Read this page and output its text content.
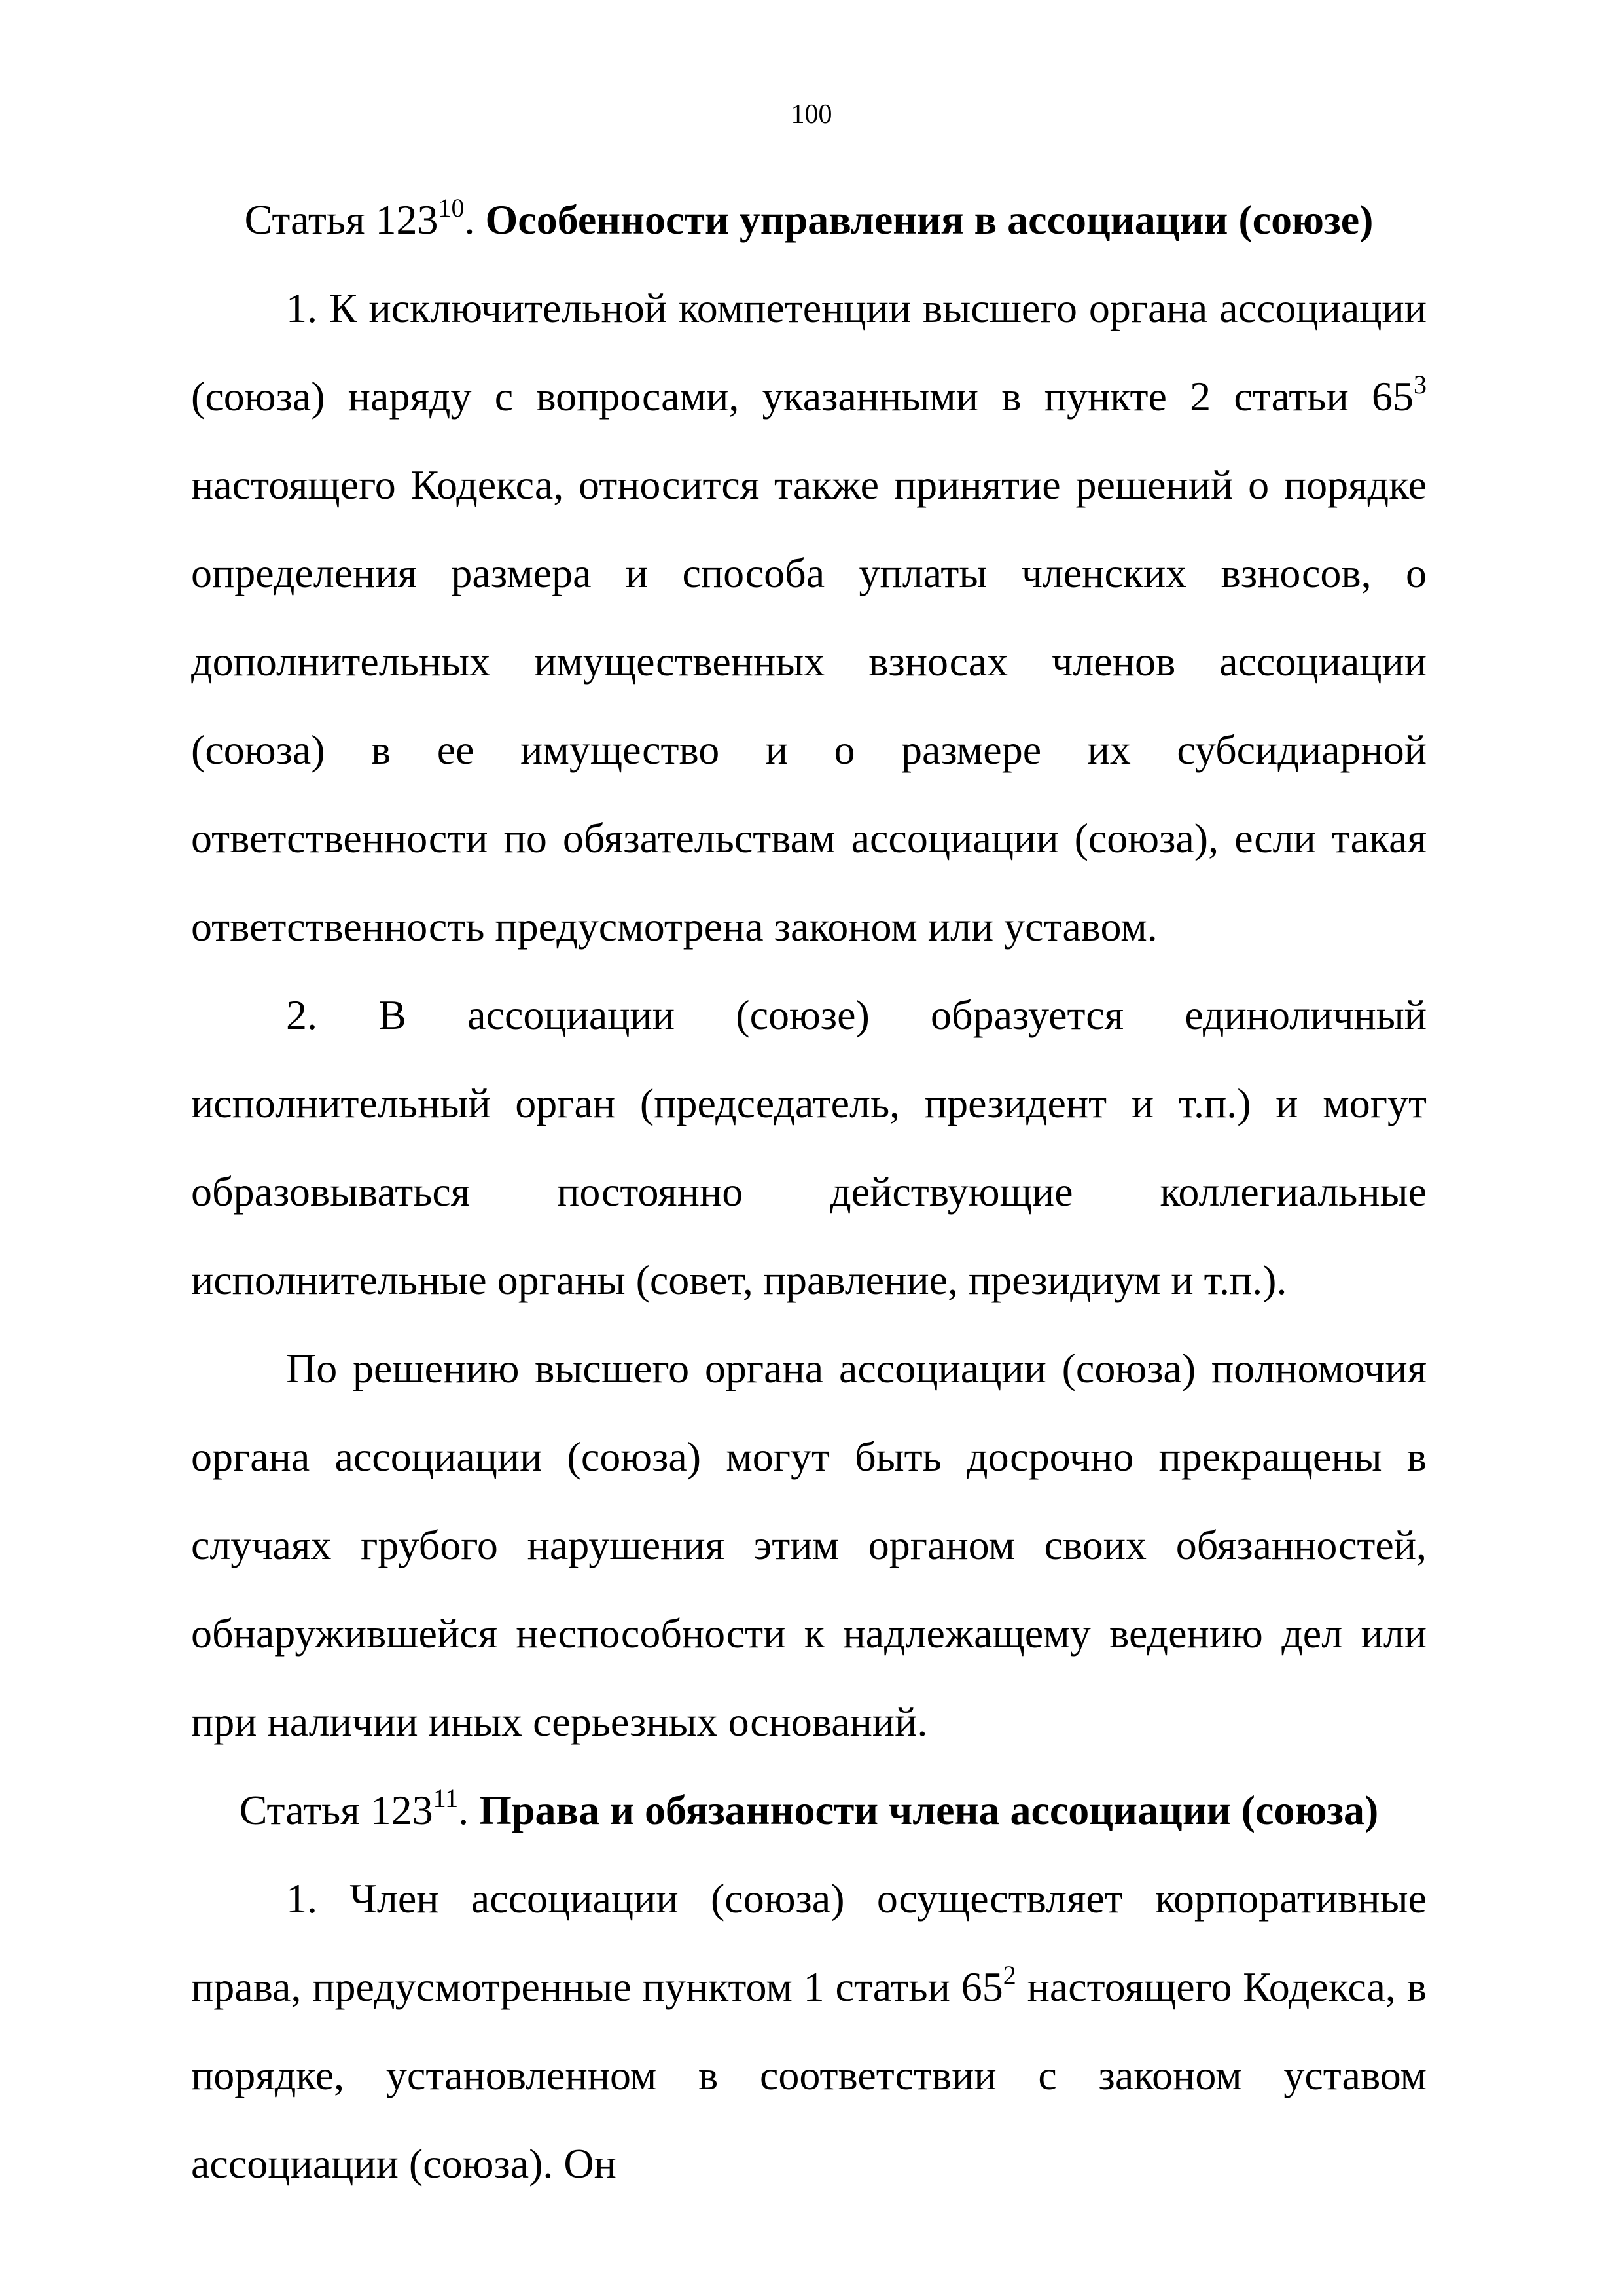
100

Статья $123^{10}$. Особенности управления в ассоциации (союзе)

1. К исключительной компетенции высшего органа ассоциации (союза) наряду с вопросами, указанными в пункте 2 статьи $65^3$ настоящего Кодекса, относится также принятие решений о порядке определения размера и способа уплаты членских взносов, о дополнительных имущественных взносах членов ассоциации (союза) в ее имущество и о размере их субсидиарной ответственности по обязательствам ассоциации (союза), если такая ответственность предусмотрена законом или уставом.

2. В ассоциации (союзе) образуется единоличный исполнительный орган (председатель, президент и т.п.) и могут образовываться постоянно действующие коллегиальные исполнительные органы (совет, правление, президиум и т.п.).

По решению высшего органа ассоциации (союза) полномочия органа ассоциации (союза) могут быть досрочно прекращены в случаях грубого нарушения этим органом своих обязанностей, обнаружившейся неспособности к надлежащему ведению дел или при наличии иных серьезных оснований.

Статья $123^{11}$. Права и обязанности члена ассоциации (союза)

1. Член ассоциации (союза) осуществляет корпоративные права, предусмотренные пунктом 1 статьи $65^2$ настоящего Кодекса, в порядке, установленном в соответствии с законом уставом ассоциации (союза). Он
